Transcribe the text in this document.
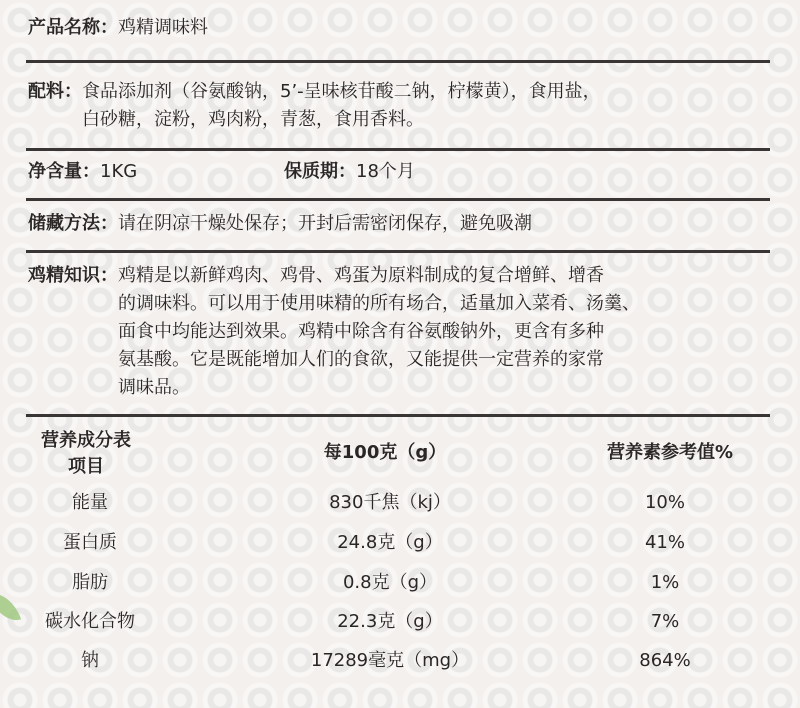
产品名称： 鸡精调味料
配料： 食品添加剂（谷氨酸钠，5’-呈味核苷酸二钠，柠檬黄），食用盐，
白砂糖，淀粉，鸡肉粉，青葱，食用香料。
净含量： 1KG	保质期： 18个月
储藏方法： 请在阴凉干燥处保存；开封后需密闭保存，避免吸潮
鸡精知识： 鸡精是以新鲜鸡肉、鸡骨、鸡蛋为原料制成的复合增鲜、增香
的调味料。可以用于使用味精的所有场合，适量加入菜肴、汤羹、
面食中均能达到效果。鸡精中除含有谷氨酸钠外，更含有多种
氨基酸。它是既能增加人们的食欲，又能提供一定营养的家常
调味品。
营养成分表
项目
每100克（g）	营养素参考值%
能量	830千焦（kj）	10%
蛋白质	24.8克（g）	41%
脂肪	0.8克（g）	1%
碳水化合物	22.3克（g）	7%
钠	17289毫克（mg）	864%
